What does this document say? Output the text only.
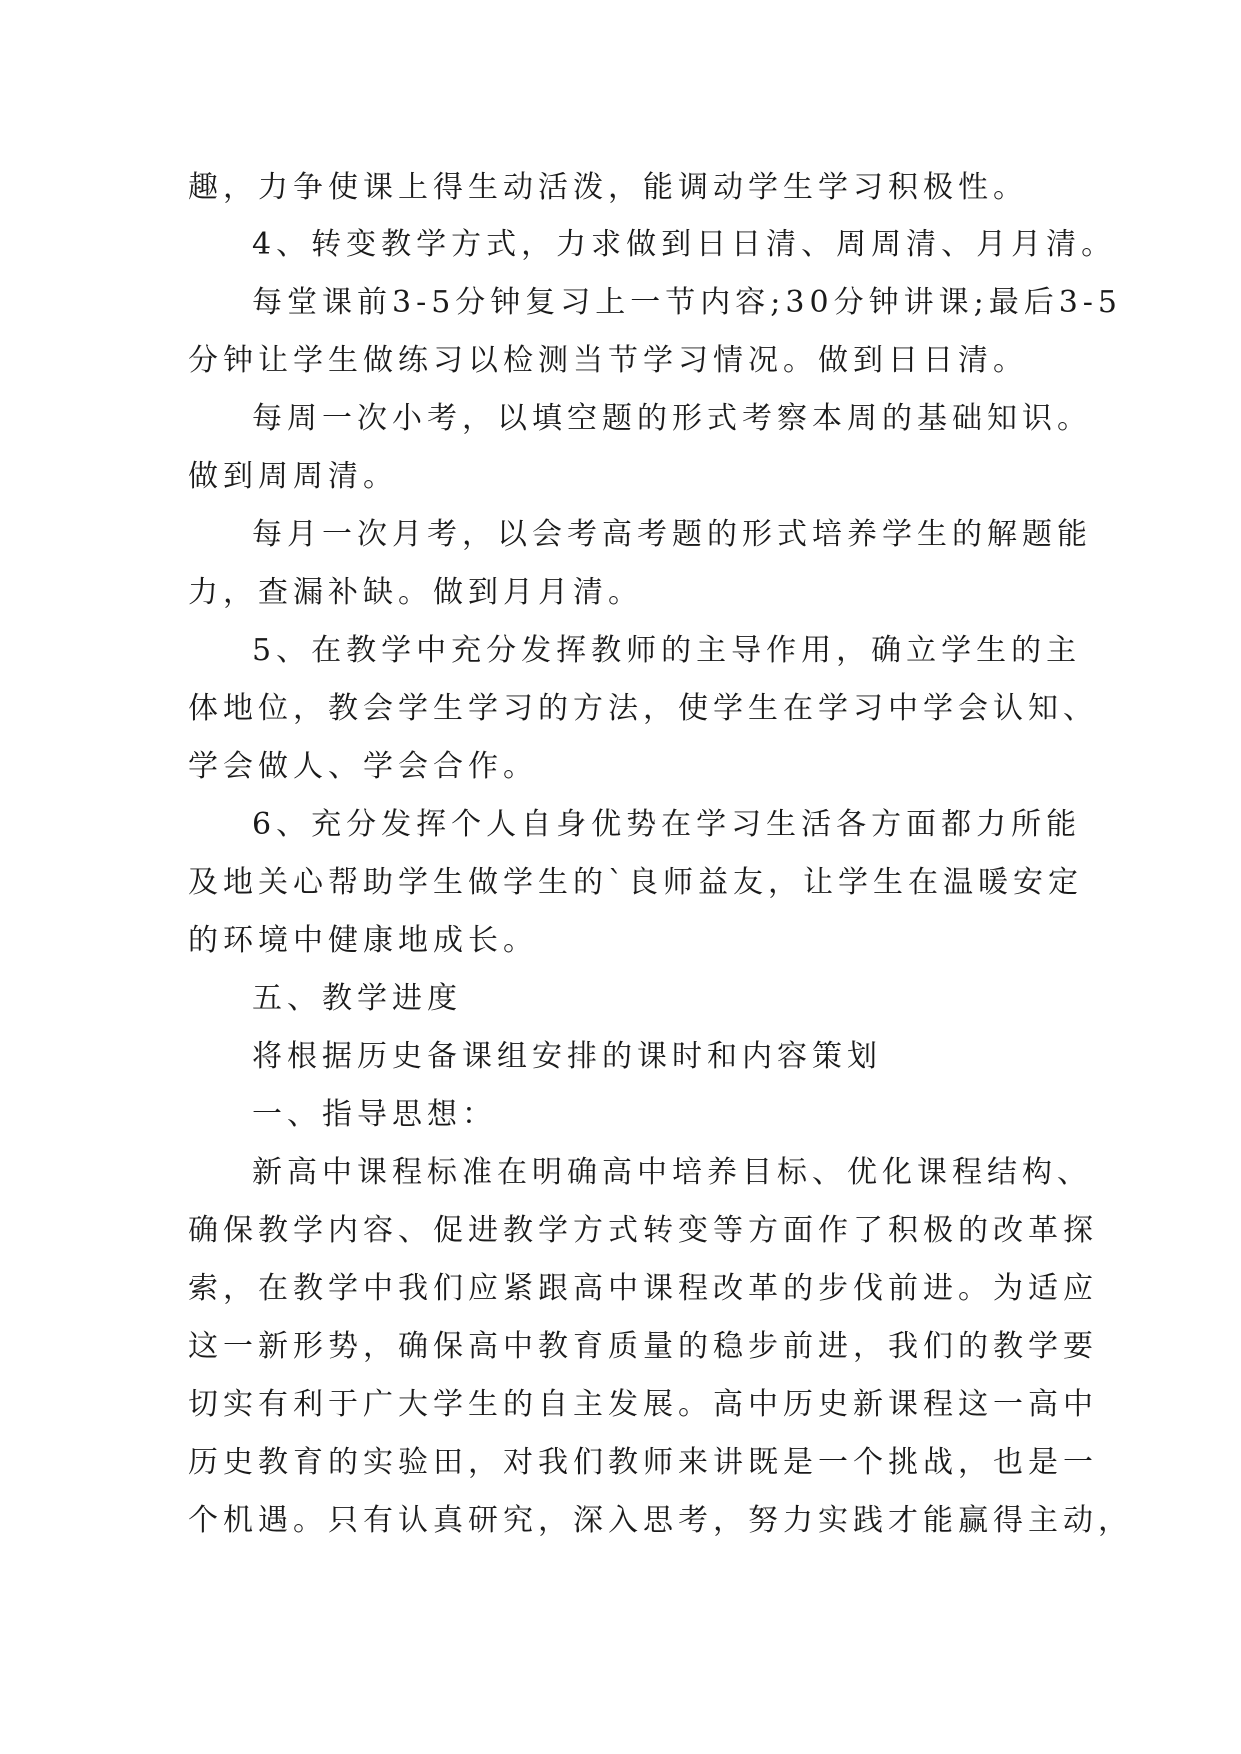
趣，力争使课上得生动活泼，能调动学生学习积极性。
4、转变教学方式，力求做到日日清、周周清、月月清。
每堂课前3-5分钟复习上一节内容;30分钟讲课;最后3-5
分钟让学生做练习以检测当节学习情况。做到日日清。
每周一次小考，以填空题的形式考察本周的基础知识。
做到周周清。
每月一次月考，以会考高考题的形式培养学生的解题能
力，查漏补缺。做到月月清。
5、在教学中充分发挥教师的主导作用，确立学生的主
体地位，教会学生学习的方法，使学生在学习中学会认知、
学会做人、学会合作。
6、充分发挥个人自身优势在学习生活各方面都力所能
及地关心帮助学生做学生的`良师益友，让学生在温暖安定
的环境中健康地成长。
五、教学进度
将根据历史备课组安排的课时和内容策划
一、指导思想：
新高中课程标准在明确高中培养目标、优化课程结构、
确保教学内容、促进教学方式转变等方面作了积极的改革探
索，在教学中我们应紧跟高中课程改革的步伐前进。为适应
这一新形势，确保高中教育质量的稳步前进，我们的教学要
切实有利于广大学生的自主发展。高中历史新课程这一高中
历史教育的实验田，对我们教师来讲既是一个挑战，也是一
个机遇。只有认真研究，深入思考，努力实践才能赢得主动，
